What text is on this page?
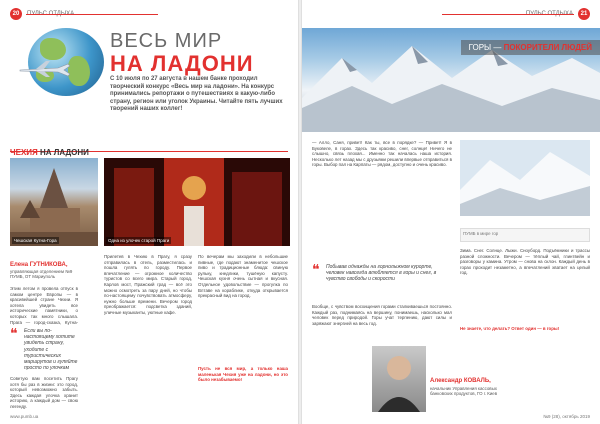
20	ПУЛЬС ОТДЫХА
ВЕСЬ МИР
НА ЛАДОНИ
С 10 июля по 27 августа в нашем банке проходил творческий конкурс «Весь мир на ладони». На конкурс принимались репортажи о путешествиях в какую-либо страну, регион или уголок Украины. Читайте пять лучших творений наших коллег!
ЧЕХИЯ НА ЛАДОНИ
Чешская Кутна-Гора	Одна из улочек старой Праги
Елена ГУТНИКОВА,
управляющая отделением №9 ПУМБ, ОТ Мариуполь
Этим летом я провела отпуск в самом центре Европы — в красивейшей стране Чехии. Я хотела увидеть все исторические памятники, о которых так много слышала. Прага — город-сказка, Кутна-
❝ Если вы по-настоящему хотите увидеть страну, уходите с туристических маршрутов и гуляйте просто по улочкам
Советую вам посетить Прагу хотя бы раз в жизни: это город, который невозможно забыть. Здесь каждая улочка хранит историю, а каждый дом — свою легенду.
Прилетев в Чехию в Прагу, я сразу отправилась в отель, разместилась и пошла гулять по городу. Первое впечатление — огромное количество туристов со всего мира. Старый город, Карлов мост, Пражский град — всё это можно осмотреть за пару дней, но чтобы по-настоящему почувствовать атмосферу, нужно больше времени. Вечером город преображается: подсветка зданий, уличные музыканты, уютные кафе.
По вечерам мы заходили в небольшие пивные, где подают знаменитое чешское пиво и традиционные блюда: свиную рульку, кнедлики, тушёную капусту. Чешская кухня очень сытная и вкусная. Отдельное удовольствие — прогулка по Влтаве на кораблике, откуда открывается прекрасный вид на город.
Пусть не вся мир, а только наша маленькая Чехия уже на ладони, но это было незабываемо!
www.pumb.ua
ПУЛЬС ОТДЫХА	21
ГОРЫ — ПОКОРИТЕЛИ ЛЮДЕЙ
— Алло, Саня, привет! Как ты, все в порядке? — Привет! Я в Буковеле, в горах. Здесь так красиво, снег, солнце! Ничего не слышно, связь плохая... Именно так началась наша история. Несколько лет назад мы с друзьями решили впервые отправиться в горы. Выбор пал на Карпаты — рядом, доступно и очень красиво.
❝ Побывав однажды на горнолыжном курорте, человек навсегда влюбляется в горы и снег, в чувство свободы и скорости
Вообще, с чувством восхищения горами сталкиваешься постоянно. Каждый раз, поднимаясь на вершину, понимаешь, насколько мал человек перед природой. Горы учат терпению, дают силы и заряжают энергией на весь год.
Зима. Снег. Солнце. Лыжи. Сноуборд. Подъёмники и трассы разной сложности. Вечером — тёплый чай, глинтвейн и разговоры у камина. Утром — снова на склон. Каждый день в горах проходит незаметно, а впечатлений хватает на целый год.
Не знаете, что делать? Ответ один — в горы!
ПУМБ в мире гор
Александр КОВАЛЬ,
начальник Управления кассовых банковских продуктов, ГО г. Киев
№9 (28), октябрь 2019
